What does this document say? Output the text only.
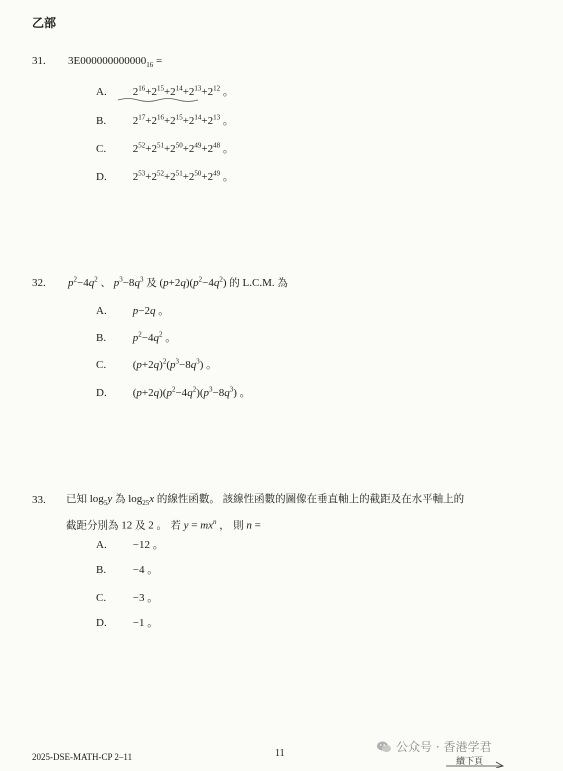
乙部
31. $3E000000000000_{16}$ =
A. $2^{16}+2^{15}+2^{14}+2^{13}+2^{12}$ 。
B. $2^{17}+2^{16}+2^{15}+2^{14}+2^{13}$ 。
C. $2^{52}+2^{51}+2^{50}+2^{49}+2^{48}$ 。
D. $2^{53}+2^{52}+2^{51}+2^{50}+2^{49}$ 。
32. $p^2-4q^2$ 、 $p^3-8q^3$ 及 $(p+2q)(p^2-4q^2)$ 的 L.C.M. 為
A. p−2q 。
B. $p^2-4q^2$ 。
C. $(p+2q)^2(p^3-8q^3)$ 。
D. $(p+2q)(p^2-4q^2)(p^3-8q^3)$ 。
33. 已知 $\log_5y$ 為 $\log_{25}x$ 的線性函數。 該線性函數的圖像在垂直軸上的截距及在水平軸上的
截距分別為 12 及 2 。 若 $y = mx^n$ ， 則 n =
A. −12 。
B. −4 。
C. −3 。
D. −1 。
2025-DSE-MATH-CP 2–11	11	公众号 · 香港学君
續下頁
